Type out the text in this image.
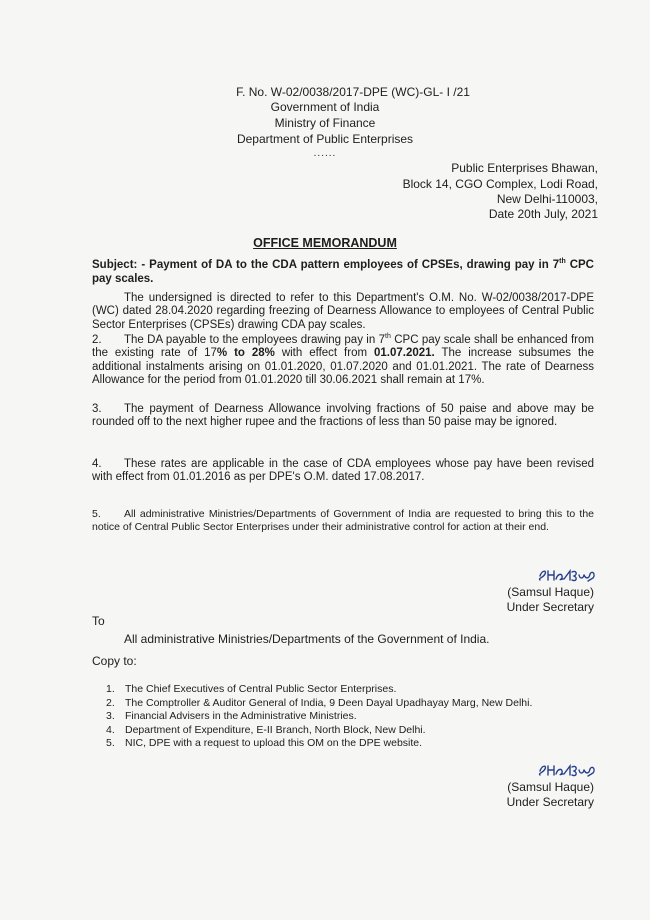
F. No. W-02/0038/2017-DPE (WC)-GL- I /21
Government of India
Ministry of Finance
Department of Public Enterprises
......
Public Enterprises Bhawan,
Block 14, CGO Complex, Lodi Road,
New Delhi-110003,
Date 20th July, 2021
OFFICE MEMORANDUM
Subject: - Payment of DA to the CDA pattern employees of CPSEs, drawing pay in 7th CPC pay scales.
The undersigned is directed to refer to this Department's O.M. No. W-02/0038/2017-DPE (WC) dated 28.04.2020 regarding freezing of Dearness Allowance to employees of Central Public Sector Enterprises (CPSEs) drawing CDA pay scales.
2. The DA payable to the employees drawing pay in 7th CPC pay scale shall be enhanced from the existing rate of 17% to 28% with effect from 01.07.2021. The increase subsumes the additional instalments arising on 01.01.2020, 01.07.2020 and 01.01.2021. The rate of Dearness Allowance for the period from 01.01.2020 till 30.06.2021 shall remain at 17%.
3. The payment of Dearness Allowance involving fractions of 50 paise and above may be rounded off to the next higher rupee and the fractions of less than 50 paise may be ignored.
4. These rates are applicable in the case of CDA employees whose pay have been revised with effect from 01.01.2016 as per DPE's O.M. dated 17.08.2017.
5. All administrative Ministries/Departments of Government of India are requested to bring this to the notice of Central Public Sector Enterprises under their administrative control for action at their end.
(Samsul Haque)
Under Secretary
To
All administrative Ministries/Departments of the Government of India.
Copy to:
1. The Chief Executives of Central Public Sector Enterprises.
2. The Comptroller & Auditor General of India, 9 Deen Dayal Upadhayay Marg, New Delhi.
3. Financial Advisers in the Administrative Ministries.
4. Department of Expenditure, E-II Branch, North Block, New Delhi.
5. NIC, DPE with a request to upload this OM on the DPE website.
(Samsul Haque)
Under Secretary
